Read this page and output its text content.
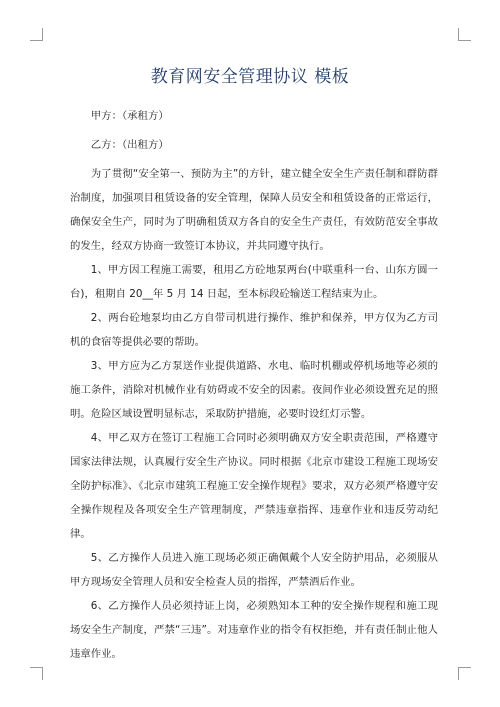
教育网安全管理协议 模板

甲方：（承租方）

乙方：（出租方）

为了贯彻“安全第一、预防为主”的方针，建立健全安全生产责任制和群防群治制度，加强项目租赁设备的安全管理，保障人员安全和租赁设备的正常运行，确保安全生产，同时为了明确租赁双方各自的安全生产责任，有效防范安全事故的发生，经双方协商一致签订本协议，并共同遵守执行。

1、甲方因工程施工需要，租用乙方砼地泵两台(中联重科一台、山东方圆一台)，租期自 20__年 5 月 14 日起，至本标段砼输送工程结束为止。

2、两台砼地泵均由乙方自带司机进行操作、维护和保养，甲方仅为乙方司机的食宿等提供必要的帮助。

3、甲方应为乙方泵送作业提供道路、水电、临时机棚或停机场地等必须的施工条件，消除对机械作业有妨碍或不安全的因素。夜间作业必须设置充足的照明。危险区域设置明显标志，采取防护措施，必要时设红灯示警。

4、甲乙双方在签订工程施工合同时必须明确双方安全职责范围，严格遵守国家法律法规，认真履行安全生产协议。同时根据《北京市建设工程施工现场安全防护标准》、《北京市建筑工程施工安全操作规程》要求，双方必须严格遵守安全操作规程及各项安全生产管理制度，严禁违章指挥、违章作业和违反劳动纪律。

5、乙方操作人员进入施工现场必须正确佩戴个人安全防护用品，必须服从甲方现场安全管理人员和安全检查人员的指挥，严禁酒后作业。

6、乙方操作人员必须持证上岗，必须熟知本工种的安全操作规程和施工现场安全生产制度，严禁“三违”。对违章作业的指令有权拒绝，并有责任制止他人违章作业。
